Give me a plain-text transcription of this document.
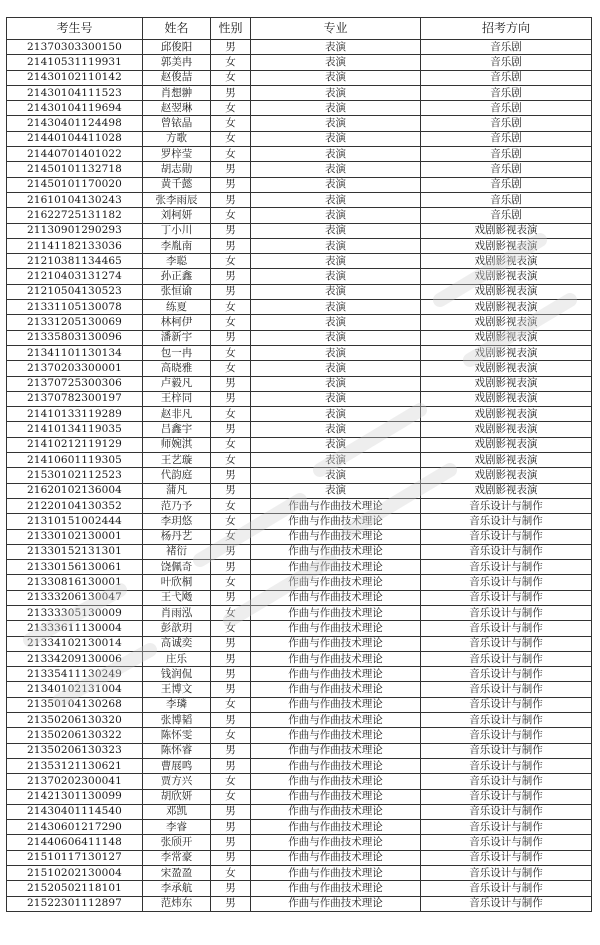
考生号	姓名	性别	专业	招考方向
21370303300150	邱俊阳	男	表演	音乐剧
21410531119931	郭美冉	女	表演	音乐剧
21430102110142	赵俊喆	女	表演	音乐剧
21430104111523	肖想翀	男	表演	音乐剧
21430104119694	赵翌琳	女	表演	音乐剧
21430401124498	曾铱晶	女	表演	音乐剧
21440104411028	方歌	女	表演	音乐剧
21440701401022	罗梓莹	女	表演	音乐剧
21450101132718	胡志勋	男	表演	音乐剧
21450101170020	黄千懿	男	表演	音乐剧
21610104130243	张李雨辰	男	表演	音乐剧
21622725131182	刘柯妍	女	表演	音乐剧
21130901290293	丁小川	男	表演	戏剧影视表演
21141182133036	李胤南	男	表演	戏剧影视表演
21210381134465	李聪	女	表演	戏剧影视表演
21210403131274	孙正鑫	男	表演	戏剧影视表演
21210504130523	张恒谕	男	表演	戏剧影视表演
21331105130078	练夏	女	表演	戏剧影视表演
21331205130069	林柯伊	女	表演	戏剧影视表演
21335803130096	潘新宇	男	表演	戏剧影视表演
21341101130134	包一冉	女	表演	戏剧影视表演
21370203300001	高晓雅	女	表演	戏剧影视表演
21370725300306	卢毅凡	男	表演	戏剧影视表演
21370782300197	王梓同	男	表演	戏剧影视表演
21410133119289	赵非凡	女	表演	戏剧影视表演
21410134119035	吕鑫宇	男	表演	戏剧影视表演
21410212119129	师婉淇	女	表演	戏剧影视表演
21410601119305	王艺璇	女	表演	戏剧影视表演
21530102112523	代韵庭	男	表演	戏剧影视表演
21620102136004	蒲凡	男	表演	戏剧影视表演
21220104130352	范乃予	女	作曲与作曲技术理论	音乐设计与制作
21310151002444	李玥悠	女	作曲与作曲技术理论	音乐设计与制作
21330102130001	杨丹艺	女	作曲与作曲技术理论	音乐设计与制作
21330152131301	褚衍	男	作曲与作曲技术理论	音乐设计与制作
21330156130061	饶佩奇	男	作曲与作曲技术理论	音乐设计与制作
21330816130001	叶欣桐	女	作曲与作曲技术理论	音乐设计与制作
21333206130047	王弋飏	男	作曲与作曲技术理论	音乐设计与制作
21333305130009	肖雨泓	女	作曲与作曲技术理论	音乐设计与制作
21333611130004	彭歆玥	女	作曲与作曲技术理论	音乐设计与制作
21334102130014	高诚奕	男	作曲与作曲技术理论	音乐设计与制作
21334209130006	庄乐	男	作曲与作曲技术理论	音乐设计与制作
21335411130249	钱润侃	男	作曲与作曲技术理论	音乐设计与制作
21340102131004	王博文	男	作曲与作曲技术理论	音乐设计与制作
21350104130268	李璘	女	作曲与作曲技术理论	音乐设计与制作
21350206130320	张博韬	男	作曲与作曲技术理论	音乐设计与制作
21350206130322	陈怀雯	女	作曲与作曲技术理论	音乐设计与制作
21350206130323	陈怀睿	男	作曲与作曲技术理论	音乐设计与制作
21353121130621	曹展鸣	男	作曲与作曲技术理论	音乐设计与制作
21370202300041	贾方兴	女	作曲与作曲技术理论	音乐设计与制作
21421301130099	胡欣妍	女	作曲与作曲技术理论	音乐设计与制作
21430401114540	邓凯	男	作曲与作曲技术理论	音乐设计与制作
21430601217290	李睿	男	作曲与作曲技术理论	音乐设计与制作
21440606411148	张颀开	男	作曲与作曲技术理论	音乐设计与制作
21510117130127	李常豪	男	作曲与作曲技术理论	音乐设计与制作
21510202130004	宋盈盈	女	作曲与作曲技术理论	音乐设计与制作
21520502118101	李承航	男	作曲与作曲技术理论	音乐设计与制作
21522301112897	范炜东	男	作曲与作曲技术理论	音乐设计与制作
